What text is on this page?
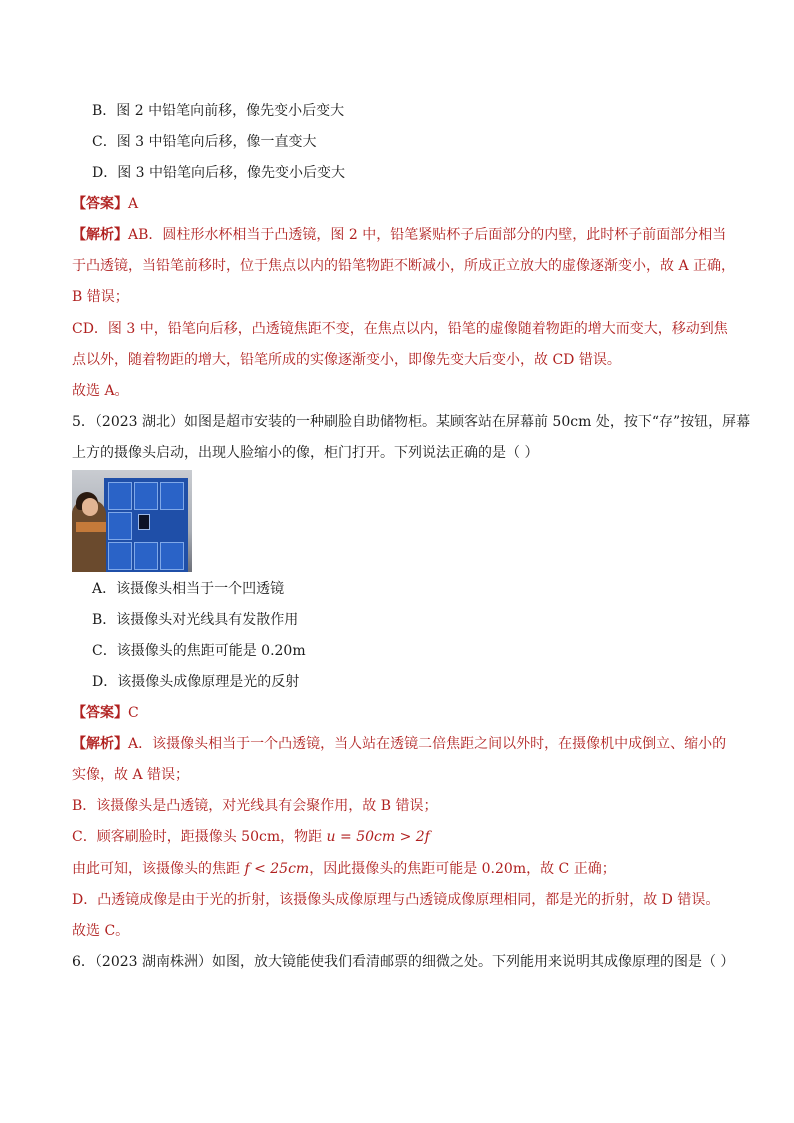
B．图 2 中铅笔向前移，像先变小后变大
C．图 3 中铅笔向后移，像一直变大
D．图 3 中铅笔向后移，像先变小后变大
【答案】A
【解析】AB．圆柱形水杯相当于凸透镜，图 2 中，铅笔紧贴杯子后面部分的内壁，此时杯子前面部分相当
于凸透镜，当铅笔前移时，位于焦点以内的铅笔物距不断减小，所成正立放大的虚像逐渐变小，故 A 正确，
B 错误；
CD．图 3 中，铅笔向后移，凸透镜焦距不变，在焦点以内，铅笔的虚像随着物距的增大而变大，移动到焦
点以外，随着物距的增大，铅笔所成的实像逐渐变小，即像先变大后变小，故 CD 错误。
故选 A。
5．（2023 湖北）如图是超市安装的一种刷脸自助储物柜。某顾客站在屏幕前 50cm 处，按下“存”按钮，屏幕
上方的摄像头启动，出现人脸缩小的像，柜门打开。下列说法正确的是（ ）
A．该摄像头相当于一个凹透镜
B．该摄像头对光线具有发散作用
C．该摄像头的焦距可能是 0.20m
D．该摄像头成像原理是光的反射
【答案】C
【解析】A．该摄像头相当于一个凸透镜，当人站在透镜二倍焦距之间以外时，在摄像机中成倒立、缩小的
实像，故 A 错误；
B．该摄像头是凸透镜，对光线具有会聚作用，故 B 错误；
C．顾客刷脸时，距摄像头 50cm，物距 u = 50cm > 2f
由此可知，该摄像头的焦距 f < 25cm，因此摄像头的焦距可能是 0.20m，故 C 正确；
D．凸透镜成像是由于光的折射，该摄像头成像原理与凸透镜成像原理相同，都是光的折射，故 D 错误。
故选 C。
6．（2023 湖南株洲）如图，放大镜能使我们看清邮票的细微之处。下列能用来说明其成像原理的图是（ ）
